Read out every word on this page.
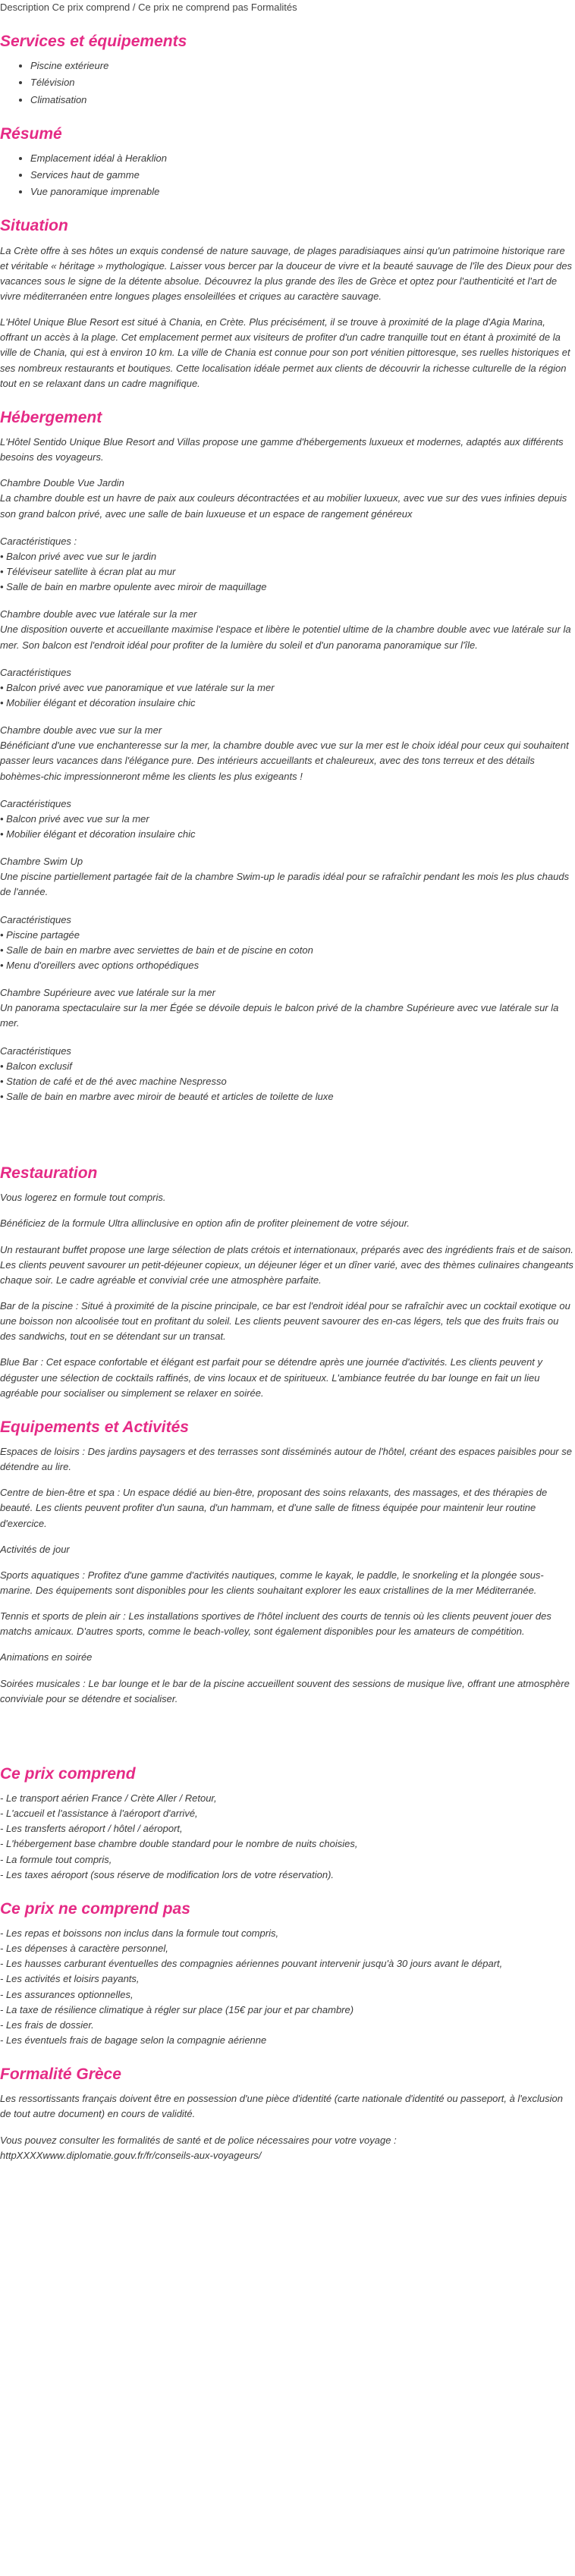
Description Ce prix comprend / Ce prix ne comprend pas Formalités
Services et équipements
• Piscine extérieure
• Télévision
• Climatisation
Résumé
• Emplacement idéal à Heraklion
• Services haut de gamme
• Vue panoramique imprenable
Situation

La Crète offre à ses hôtes un exquis condensé de nature sauvage, de plages paradisiaques ainsi qu'un patrimoine historique rare et véritable « héritage » mythologique. Laisser vous bercer par la douceur de vivre et la beauté sauvage de l'île des Dieux pour des vacances sous le signe de la détente absolue. Découvrez la plus grande des îles de Grèce et optez pour l'authenticité et l'art de vivre méditerranéen entre longues plages ensoleillées et criques au caractère sauvage.

L'Hôtel Unique Blue Resort est situé à Chania, en Crète. Plus précisément, il se trouve à proximité de la plage d'Agia Marina, offrant un accès à la plage. Cet emplacement permet aux visiteurs de profiter d'un cadre tranquille tout en étant à proximité de la ville de Chania, qui est à environ 10 km. La ville de Chania est connue pour son port vénitien pittoresque, ses ruelles historiques et ses nombreux restaurants et boutiques. Cette localisation idéale permet aux clients de découvrir la richesse culturelle de la région tout en se relaxant dans un cadre magnifique.

Hébergement

L'Hôtel Sentido Unique Blue Resort and Villas propose une gamme d'hébergements luxueux et modernes, adaptés aux différents besoins des voyageurs.

Chambre Double Vue Jardin
La chambre double est un havre de paix aux couleurs décontractées et au mobilier luxueux, avec vue sur des vues infinies depuis son grand balcon privé, avec une salle de bain luxueuse et un espace de rangement généreux
Caractéristiques :
• Balcon privé avec vue sur le jardin
• Téléviseur satellite à écran plat au mur
• Salle de bain en marbre opulente avec miroir de maquillage
Chambre double avec vue latérale sur la mer
Une disposition ouverte et accueillante maximise l'espace et libère le potentiel ultime de la chambre double avec vue latérale sur la mer. Son balcon est l'endroit idéal pour profiter de la lumière du soleil et d'un panorama panoramique sur l'île.
Caractéristiques
• Balcon privé avec vue panoramique et vue latérale sur la mer
• Mobilier élégant et décoration insulaire chic
Chambre double avec vue sur la mer
Bénéficiant d'une vue enchanteresse sur la mer, la chambre double avec vue sur la mer est le choix idéal pour ceux qui souhaitent passer leurs vacances dans l'élégance pure. Des intérieurs accueillants et chaleureux, avec des tons terreux et des détails bohèmes-chic impressionneront même les clients les plus exigeants !
Caractéristiques
• Balcon privé avec vue sur la mer
• Mobilier élégant et décoration insulaire chic
Chambre Swim Up
Une piscine partiellement partagée fait de la chambre Swim-up le paradis idéal pour se rafraîchir pendant les mois les plus chauds de l'année.
Caractéristiques
• Piscine partagée
• Salle de bain en marbre avec serviettes de bain et de piscine en coton
• Menu d'oreillers avec options orthopédiques
Chambre Supérieure avec vue latérale sur la mer
Un panorama spectaculaire sur la mer Égée se dévoile depuis le balcon privé de la chambre Supérieure avec vue latérale sur la mer.
Caractéristiques
• Balcon exclusif
• Station de café et de thé avec machine Nespresso
• Salle de bain en marbre avec miroir de beauté et articles de toilette de luxe
Restauration

Vous logerez en formule tout compris.

Bénéficiez de la formule Ultra allinclusive en option afin de profiter pleinement de votre séjour.

Un restaurant buffet propose une large sélection de plats crétois et internationaux, préparés avec des ingrédients frais et de saison. Les clients peuvent savourer un petit-déjeuner copieux, un déjeuner léger et un dîner varié, avec des thèmes culinaires changeants chaque soir. Le cadre agréable et convivial crée une atmosphère parfaite.

Bar de la piscine : Situé à proximité de la piscine principale, ce bar est l'endroit idéal pour se rafraîchir avec un cocktail exotique ou une boisson non alcoolisée tout en profitant du soleil. Les clients peuvent savourer des en-cas légers, tels que des fruits frais ou des sandwichs, tout en se détendant sur un transat.

Blue Bar : Cet espace confortable et élégant est parfait pour se détendre après une journée d'activités. Les clients peuvent y déguster une sélection de cocktails raffinés, de vins locaux et de spiritueux. L'ambiance feutrée du bar lounge en fait un lieu agréable pour socialiser ou simplement se relaxer en soirée.

Equipements et Activités

Espaces de loisirs : Des jardins paysagers et des terrasses sont disséminés autour de l'hôtel, créant des espaces paisibles pour se détendre au lire.

Centre de bien-être et spa : Un espace dédié au bien-être, proposant des soins relaxants, des massages, et des thérapies de beauté. Les clients peuvent profiter d'un sauna, d'un hammam, et d'une salle de fitness équipée pour maintenir leur routine d'exercice.

Activités de jour

Sports aquatiques : Profitez d'une gamme d'activités nautiques, comme le kayak, le paddle, le snorkeling et la plongée sous-marine. Des équipements sont disponibles pour les clients souhaitant explorer les eaux cristallines de la mer Méditerranée.

Tennis et sports de plein air : Les installations sportives de l'hôtel incluent des courts de tennis où les clients peuvent jouer des matchs amicaux. D'autres sports, comme le beach-volley, sont également disponibles pour les amateurs de compétition.

Animations en soirée

Soirées musicales : Le bar lounge et le bar de la piscine accueillent souvent des sessions de musique live, offrant une atmosphère conviviale pour se détendre et socialiser.

Ce prix comprend
- Le transport aérien France / Crète Aller / Retour,
- L'accueil et l'assistance à l'aéroport d'arrivé,
- Les transferts aéroport / hôtel / aéroport,
- L'hébergement base chambre double standard pour le nombre de nuits choisies,
- La formule tout compris,
- Les taxes aéroport (sous réserve de modification lors de votre réservation).
Ce prix ne comprend pas
- Les repas et boissons non inclus dans la formule tout compris,
- Les dépenses à caractère personnel,
- Les hausses carburant éventuelles des compagnies aériennes pouvant intervenir jusqu'à 30 jours avant le départ,
- Les activités et loisirs payants,
- Les assurances optionnelles,
- La taxe de résilience climatique à régler sur place (15€ par jour et par chambre)
- Les frais de dossier.
- Les éventuels frais de bagage selon la compagnie aérienne
Formalité Grèce

Les ressortissants français doivent être en possession d'une pièce d'identité (carte nationale d'identité ou passeport, à l'exclusion de tout autre document) en cours de validité.

Vous pouvez consulter les formalités de santé et de police nécessaires pour votre voyage :
httpXXXXwww.diplomatie.gouv.fr/fr/conseils-aux-voyageurs/
